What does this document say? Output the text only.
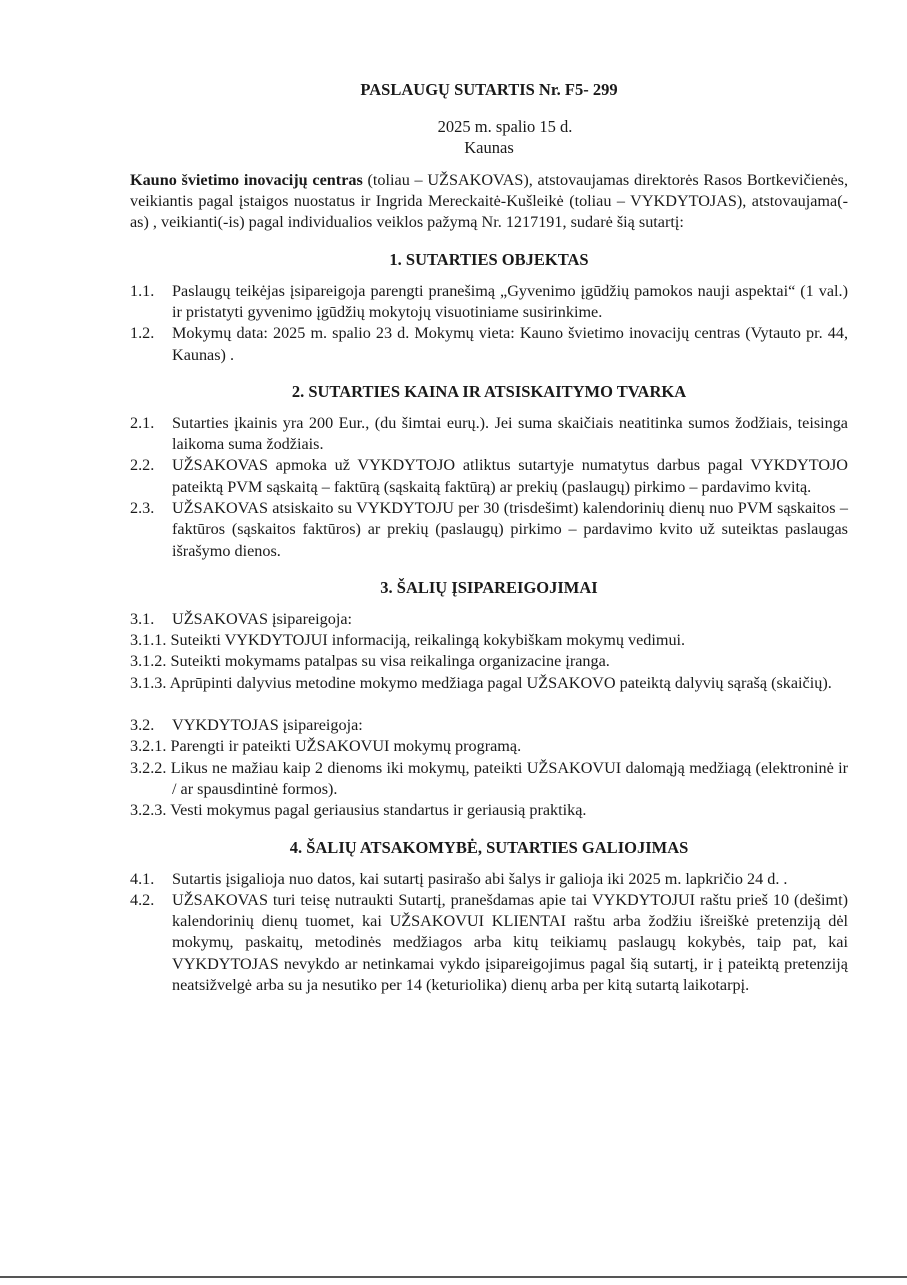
PASLAUGŲ SUTARTIS Nr. F5- 299
2025 m. spalio 15 d.
Kaunas
Kauno švietimo inovacijų centras (toliau – UŽSAKOVAS), atstovaujamas direktorės Rasos Bortkevičienės, veikiantis pagal įstaigos nuostatus ir Ingrida Mereckaitė-Kušleikė (toliau – VYKDYTOJAS), atstovaujama(-as) , veikianti(-is) pagal individualios veiklos pažymą Nr. 1217191, sudarė šią sutartį:
1. SUTARTIES OBJEKTAS
1.1. Paslaugų teikėjas įsipareigoja parengti pranešimą „Gyvenimo įgūdžių pamokos nauji aspektai“ (1 val.) ir pristatyti gyvenimo įgūdžių mokytojų visuotiniame susirinkime.
1.2. Mokymų data: 2025 m. spalio 23 d. Mokymų vieta: Kauno švietimo inovacijų centras (Vytauto pr. 44, Kaunas) .
2. SUTARTIES KAINA IR ATSISKAITYMO TVARKA
2.1. Sutarties įkainis yra 200 Eur., (du šimtai eurų.). Jei suma skaičiais neatitinka sumos žodžiais, teisinga laikoma suma žodžiais.
2.2. UŽSAKOVAS apmoka už VYKDYTOJO atliktus sutartyje numatytus darbus pagal VYKDYTOJO pateiktą PVM sąskaitą – faktūrą (sąskaitą faktūrą) ar prekių (paslaugų) pirkimo – pardavimo kvitą.
2.3. UŽSAKOVAS atsiskaito su VYKDYTOJU per 30 (trisdešimt) kalendorinių dienų nuo PVM sąskaitos – faktūros (sąskaitos faktūros) ar prekių (paslaugų) pirkimo – pardavimo kvito už suteiktas paslaugas išrašymo dienos.
3. ŠALIŲ ĮSIPAREIGOJIMAI
3.1. UŽSAKOVAS įsipareigoja:
3.1.1. Suteikti VYKDYTOJUI informaciją, reikalingą kokybiškam mokymų vedimui.
3.1.2. Suteikti mokymams patalpas su visa reikalinga organizacine įranga.
3.1.3. Aprūpinti dalyvius metodine mokymo medžiaga pagal UŽSAKOVO pateiktą dalyvių sąrašą (skaičių).
3.2. VYKDYTOJAS įsipareigoja:
3.2.1. Parengti ir pateikti UŽSAKOVUI mokymų programą.
3.2.2. Likus ne mažiau kaip 2 dienoms iki mokymų, pateikti UŽSAKOVUI dalomąją medžiagą (elektroninė ir / ar spausdintinė formos).
3.2.3. Vesti mokymus pagal geriausius standartus ir geriausią praktiką.
4. ŠALIŲ ATSAKOMYBĖ, SUTARTIES GALIOJIMAS
4.1. Sutartis įsigalioja nuo datos, kai sutartį pasirašo abi šalys ir galioja iki 2025 m. lapkričio 24 d. .
4.2. UŽSAKOVAS turi teisę nutraukti Sutartį, pranešdamas apie tai VYKDYTOJUI raštu prieš 10 (dešimt) kalendorinių dienų tuomet, kai UŽSAKOVUI KLIENTAI raštu arba žodžiu išreiškė pretenziją dėl mokymų, paskaitų, metodinės medžiagos arba kitų teikiamų paslaugų kokybės, taip pat, kai VYKDYTOJAS nevykdo ar netinkamai vykdo įsipareigojimus pagal šią sutartį, ir į pateiktą pretenziją neatsižvelgė arba su ja nesutiko per 14 (keturiolika) dienų arba per kitą sutartą laikotarpį.
